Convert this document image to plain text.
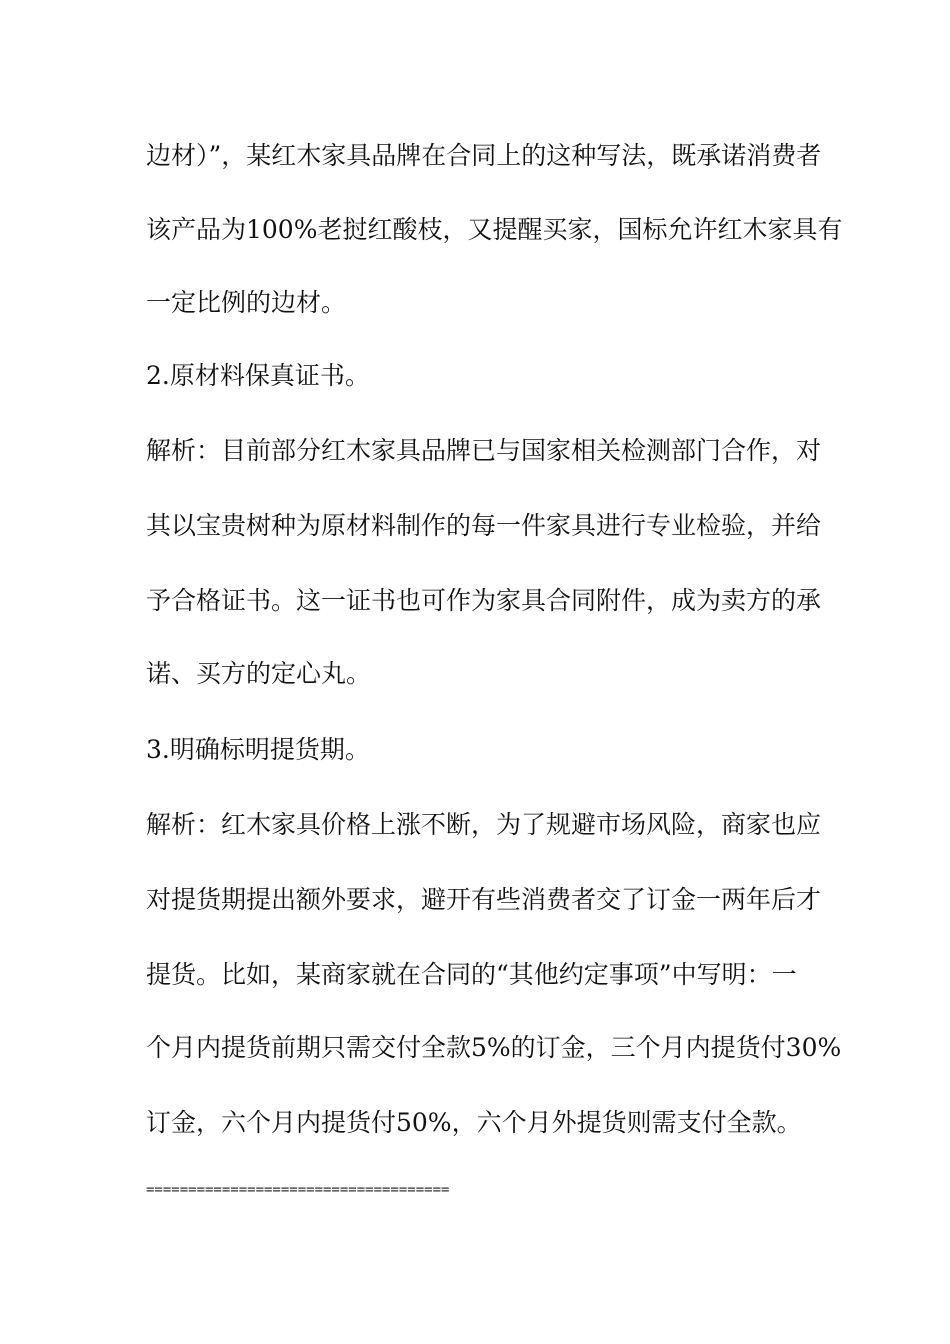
边材）”，某红木家具品牌在合同上的这种写法，既承诺消费者
该产品为100%老挝红酸枝，又提醒买家，国标允许红木家具有
一定比例的边材。
2.原材料保真证书。
解析：目前部分红木家具品牌已与国家相关检测部门合作，对
其以宝贵树种为原材料制作的每一件家具进行专业检验，并给
予合格证书。这一证书也可作为家具合同附件，成为卖方的承
诺、买方的定心丸。
3.明确标明提货期。
解析：红木家具价格上涨不断，为了规避市场风险，商家也应
对提货期提出额外要求，避开有些消费者交了订金一两年后才
提货。比如，某商家就在合同的“其他约定事项”中写明：一
个月内提货前期只需交付全款5%的订金，三个月内提货付30%
订金，六个月内提货付50%，六个月外提货则需支付全款。
====================================
